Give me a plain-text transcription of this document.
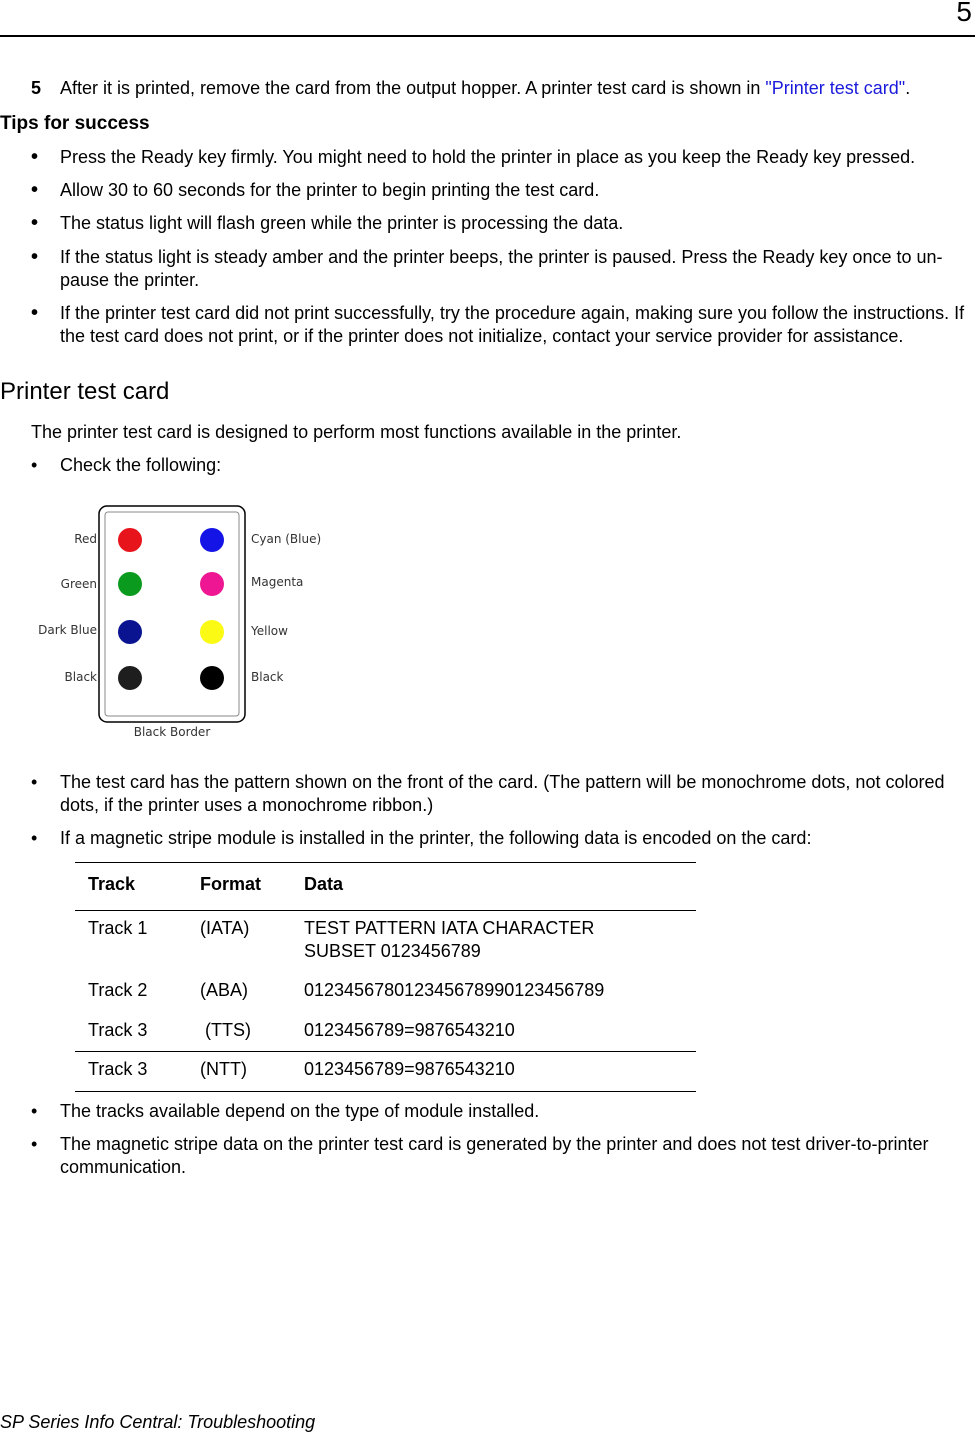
5
5 After it is printed, remove the card from the output hopper. A printer test card is shown in "Printer test card".
Tips for success
• Press the Ready key firmly. You might need to hold the printer in place as you keep the Ready key pressed.
• Allow 30 to 60 seconds for the printer to begin printing the test card.
• The status light will flash green while the printer is processing the data.
• If the status light is steady amber and the printer beeps, the printer is paused. Press the Ready key once to un-pause the printer.
• If the printer test card did not print successfully, try the procedure again, making sure you follow the instructions. If the test card does not print, or if the printer does not initialize, contact your service provider for assistance.
Printer test card
The printer test card is designed to perform most functions available in the printer.
• Check the following:
Red
Green
Dark Blue
Black
Cyan (Blue)
Magenta
Yellow
Black
Black Border
• The test card has the pattern shown on the front of the card. (The pattern will be monochrome dots, not colored dots, if the printer uses a monochrome ribbon.)
• If a magnetic stripe module is installed in the printer, the following data is encoded on the card:
Track	Format Data
Track 1	(IATA)	TEST PATTERN IATA CHARACTER
SUBSET 0123456789
Track 2	(ABA)	01234567801234567899012345678​9
Track 3	(TTS)	0123456789=9876543210
Track 3	(NTT)	0123456789=9876543210
• The tracks available depend on the type of module installed.
• The magnetic stripe data on the printer test card is generated by the printer and does not test driver-to-printer communication.
SP Series Info Central: Troubleshooting
